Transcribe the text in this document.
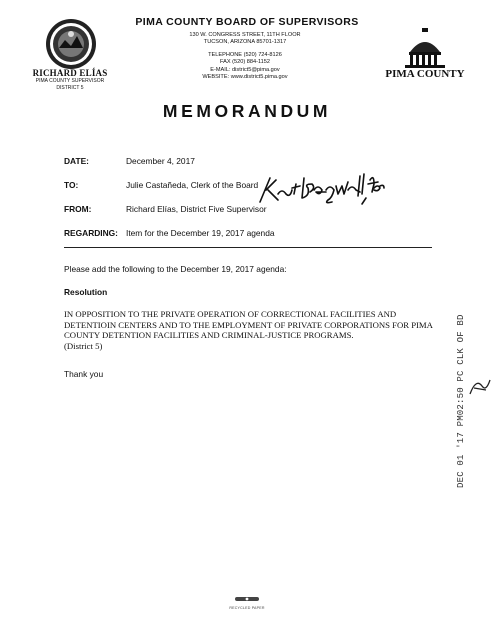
RICHARD ELÍAS
PIMA COUNTY SUPERVISOR
DISTRICT 5
PIMA COUNTY BOARD OF SUPERVISORS
130 W. CONGRESS STREET, 11TH FLOOR
TUCSON, ARIZONA 85701-1317
TELEPHONE (520) 724-8126
FAX (520) 884-1152
E-MAIL: district5@pima.gov
WEBSITE: www.district5.pima.gov	PIMA COUNTY
MEMORANDUM
DATE:	December 4, 2017
TO:	Julie Castañeda, Clerk of the Board
FROM:	Richard Elías, District Five Supervisor
REGARDING: Item for the December 19, 2017 agenda
Please add the following to the December 19, 2017 agenda:
Resolution
IN OPPOSITION TO THE PRIVATE OPERATION OF CORRECTIONAL FACILITIES AND DETENTIOIN CENTERS AND TO THE EMPLOYMENT OF PRIVATE CORPORATIONS FOR PIMA COUNTY DETENTION FACILITIES AND CRIMINAL-JUSTICE PROGRAMS.
(District 5)
Thank you	DEC 01 '17 PM02:50 PC CLK OF BD
RECYCLED PAPER
